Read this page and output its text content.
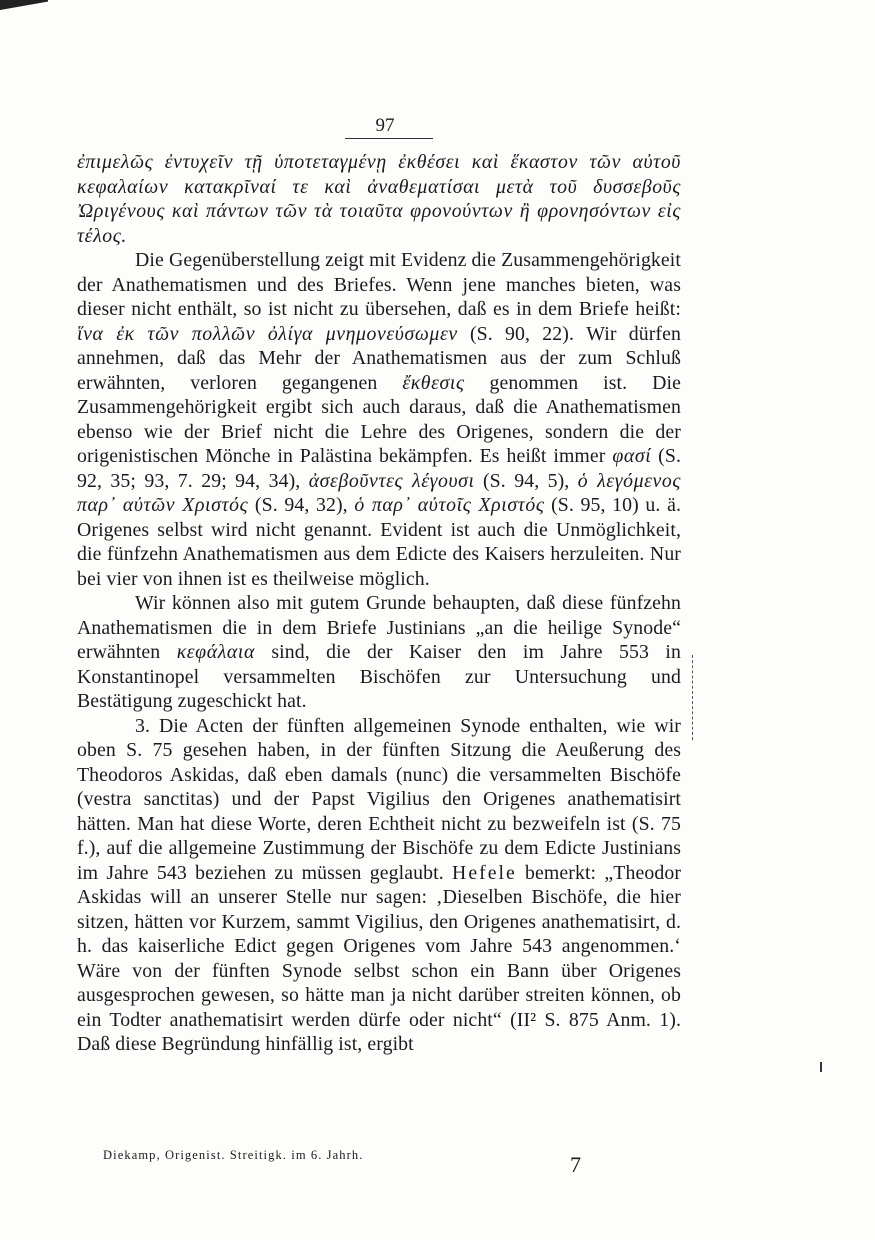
97

ἐπιμελῶς ἐντυχεῖν τῇ ὑποτεταγμένῃ ἐκθέσει καὶ ἕκαστον τῶν αὐτοῦ κεφαλαίων κατακρῖναί τε καὶ ἀναθεματίσαι μετὰ τοῦ δυσσεβοῦς Ὠριγένους καὶ πάντων τῶν τὰ τοιαῦτα φρονούντων ἢ φρονησόντων εἰς τέλος.

Die Gegenüberstellung zeigt mit Evidenz die Zusammengehörigkeit der Anathematismen und des Briefes. Wenn jene manches bieten, was dieser nicht enthält, so ist nicht zu übersehen, daß es in dem Briefe heißt: ἵνα ἐκ τῶν πολλῶν ὀλίγα μνημονεύσωμεν (S. 90, 22). Wir dürfen annehmen, daß das Mehr der Anathematismen aus der zum Schluß erwähnten, verloren gegangenen ἔκθεσις genommen ist. Die Zusammengehörigkeit ergibt sich auch daraus, daß die Anathematismen ebenso wie der Brief nicht die Lehre des Origenes, sondern die der origenistischen Mönche in Palästina bekämpfen. Es heißt immer φασί (S. 92, 35; 93, 7. 29; 94, 34), ἀσεβοῦντες λέγουσι (S. 94, 5), ὁ λεγόμενος παρ᾽ αὐτῶν Χριστός (S. 94, 32), ὁ παρ᾽ αὐτοῖς Χριστός (S. 95, 10) u. ä. Origenes selbst wird nicht genannt. Evident ist auch die Unmöglichkeit, die fünfzehn Anathematismen aus dem Edicte des Kaisers herzuleiten. Nur bei vier von ihnen ist es theilweise möglich.

Wir können also mit gutem Grunde behaupten, daß diese fünfzehn Anathematismen die in dem Briefe Justinians „an die heilige Synode“ erwähnten κεφάλαια sind, die der Kaiser den im Jahre 553 in Konstantinopel versammelten Bischöfen zur Untersuchung und Bestätigung zugeschickt hat.

3. Die Acten der fünften allgemeinen Synode enthalten, wie wir oben S. 75 gesehen haben, in der fünften Sitzung die Aeußerung des Theodoros Askidas, daß eben damals (nunc) die versammelten Bischöfe (vestra sanctitas) und der Papst Vigilius den Origenes anathematisirt hätten. Man hat diese Worte, deren Echtheit nicht zu bezweifeln ist (S. 75 f.), auf die allgemeine Zustimmung der Bischöfe zu dem Edicte Justinians im Jahre 543 beziehen zu müssen geglaubt. Hefele bemerkt: „Theodor Askidas will an unserer Stelle nur sagen: ‚Dieselben Bischöfe, die hier sitzen, hätten vor Kurzem, sammt Vigilius, den Origenes anathematisirt, d. h. das kaiserliche Edict gegen Origenes vom Jahre 543 angenommen.‘ Wäre von der fünften Synode selbst schon ein Bann über Origenes ausgesprochen gewesen, so hätte man ja nicht darüber streiten können, ob ein Todter anathematisirt werden dürfe oder nicht“ (II² S. 875 Anm. 1). Daß diese Begründung hinfällig ist, ergibt

Diekamp, Origenist. Streitigk. im 6. Jahrh.	7
